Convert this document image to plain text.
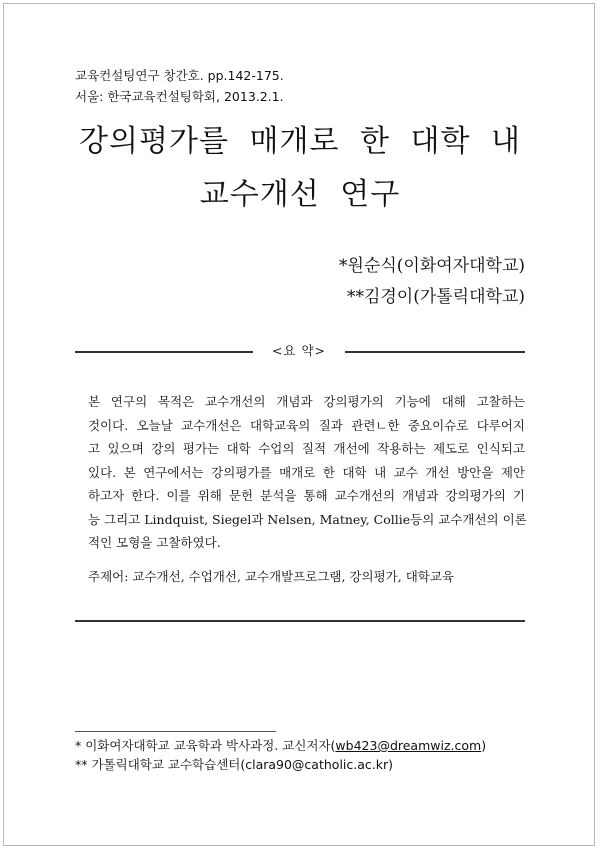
교육컨설팅연구 창간호. pp.142-175.
서울: 한국교육컨설팅학회, 2013.2.1.
강의평가를 매개로 한 대학 내
교수개선 연구
*원순식(이화여자대학교)
**김경이(가톨릭대학교)
<요 약>
본 연구의 목적은 교수개선의 개념과 강의평가의 기능에 대해 고찰하는
것이다. 오늘날 교수개선은 대학교육의 질과 관련ㄴ한 중요이슈로 다루어지
고 있으며 강의 평가는 대학 수업의 질적 개선에 작용하는 제도로 인식되고
있다. 본 연구에서는 강의평가를 매개로 한 대학 내 교수 개선 방안을 제안
하고자 한다. 이를 위해 문헌 분석을 통해 교수개선의 개념과 강의평가의 기
능 그리고 Lindquist, Siegel과 Nelsen, Matney, Collie등의 교수개선의 이론
적인 모형을 고찰하였다.
주제어: 교수개선, 수업개선, 교수개발프로그램, 강의평가, 대학교육
* 이화여자대학교 교육학과 박사과정. 교신저자(wb423@dreamwiz.com)
** 가톨릭대학교 교수학습센터(clara90@catholic.ac.kr)
